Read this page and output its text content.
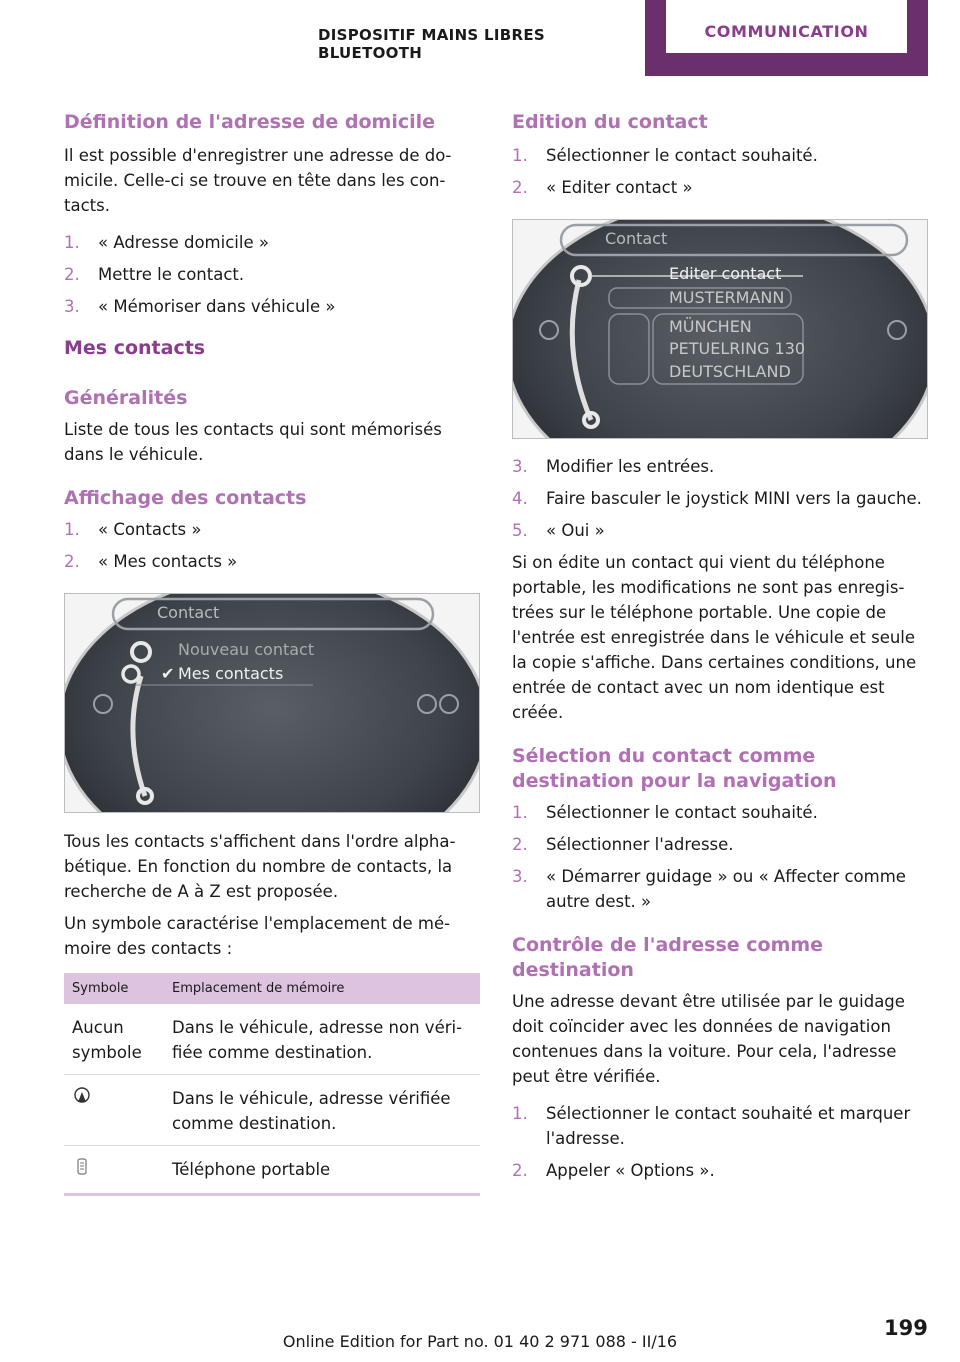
DISPOSITIF MAINS LIBRES BLUETOOTH
COMMUNICATION
Définition de l'adresse de domicile

Il est possible d'enregistrer une adresse de domicile. Celle-ci se trouve en tête dans les contacts.

1. « Adresse domicile »
2. Mettre le contact.
3. « Mémoriser dans véhicule »
Mes contacts
Généralités

Liste de tous les contacts qui sont mémorisés dans le véhicule.

Affichage des contacts
1. « Contacts »
2. « Mes contacts »
Contact
Nouveau contact
✔ Mes contacts

Tous les contacts s'affichent dans l'ordre alphabétique. En fonction du nombre de contacts, la recherche de A à Z est proposée.

Un symbole caractérise l'emplacement de mémoire des contacts :

Symbole	Emplacement de mémoire
Aucun symbole	Dans le véhicule, adresse non vérifiée comme destination.
	Dans le véhicule, adresse vérifiée comme destination.
	Téléphone portable
Edition du contact
1. Sélectionner le contact souhaité.
2. « Editer contact »
Contact
Editer contact
MUSTERMANN
MÜNCHEN
PETUELRING 130
DEUTSCHLAND
3. Modifier les entrées.
4. Faire basculer le joystick MINI vers la gauche.
5. « Oui »

Si on édite un contact qui vient du téléphone portable, les modifications ne sont pas enregistrées sur le téléphone portable. Une copie de l'entrée est enregistrée dans le véhicule et seule la copie s'affiche. Dans certaines conditions, une entrée de contact avec un nom identique est créée.

Sélection du contact comme destination pour la navigation
1. Sélectionner le contact souhaité.
2. Sélectionner l'adresse.
3. « Démarrer guidage » ou « Affecter comme autre dest. »
Contrôle de l'adresse comme destination

Une adresse devant être utilisée par le guidage doit coïncider avec les données de navigation contenues dans la voiture. Pour cela, l'adresse peut être vérifiée.

1. Sélectionner le contact souhaité et marquer l'adresse.
2. Appeler « Options ».
199
Online Edition for Part no. 01 40 2 971 088 - II/16
